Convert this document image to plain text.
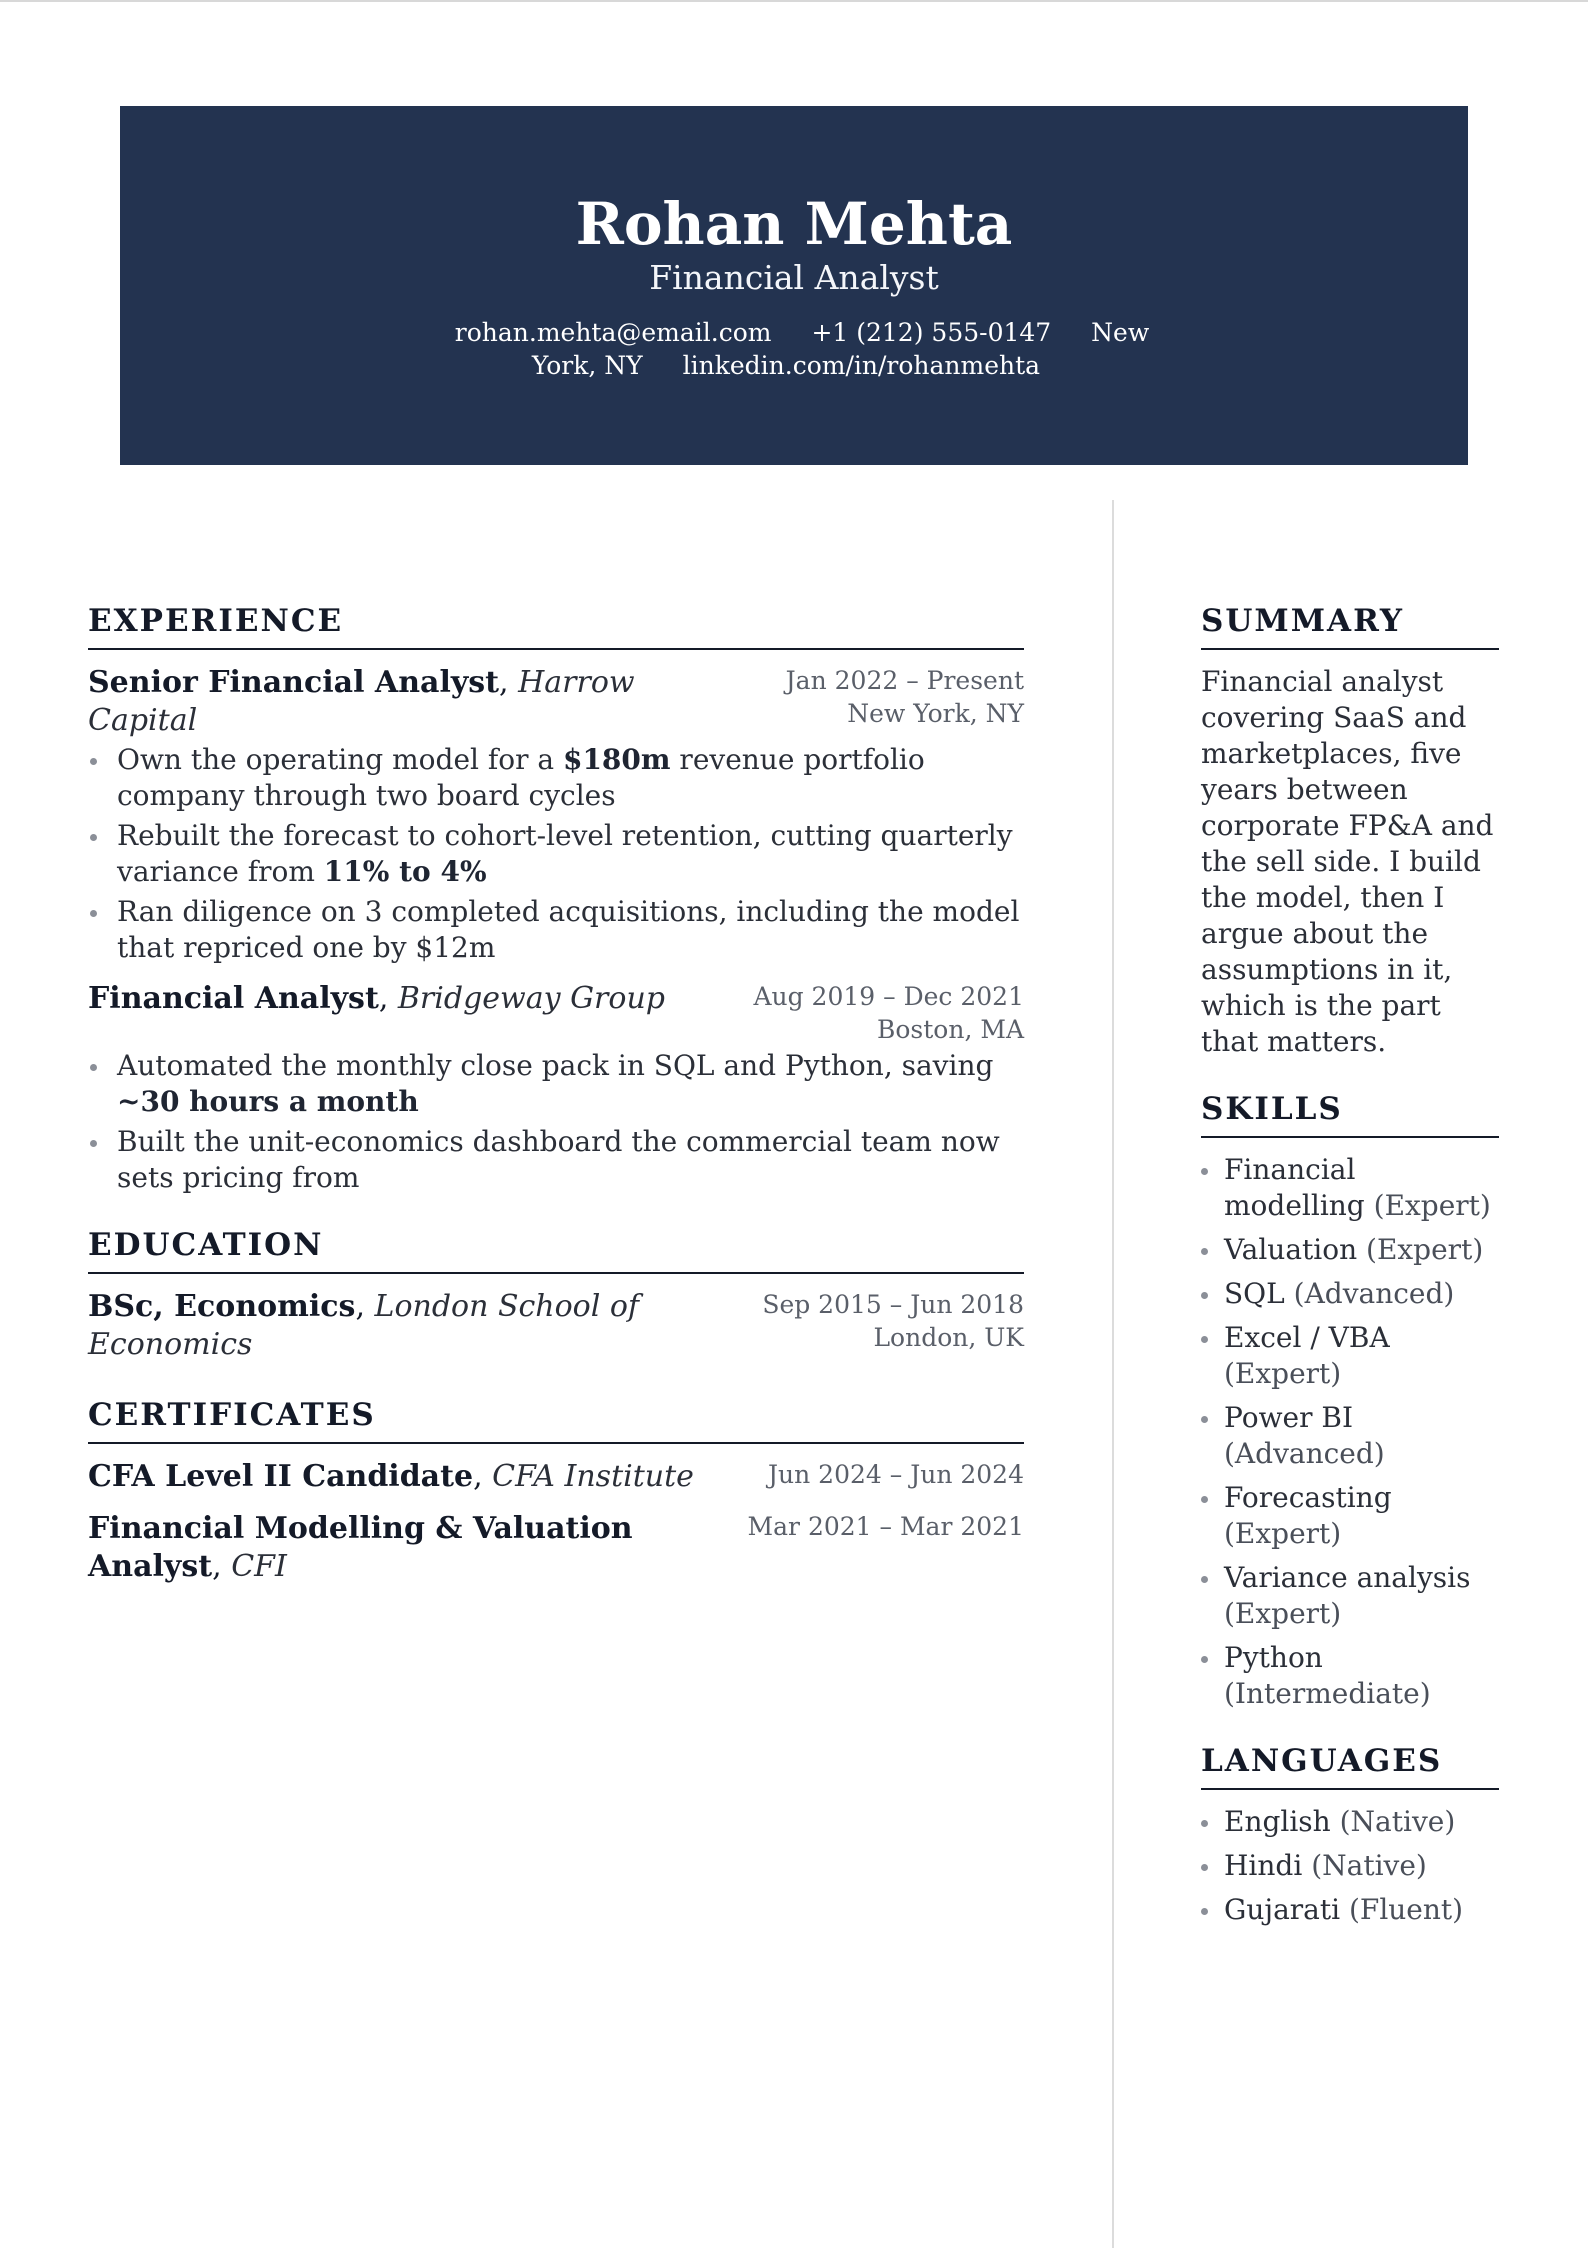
Rohan Mehta
Financial Analyst
rohan.mehta@email.com +1 (212) 555-0147 New York, NY linkedin.com/in/rohanmehta
EXPERIENCE
Senior Financial Analyst, Harrow Capital
Jan 2022 – Present
New York, NY
Own the operating model for a $180m revenue portfolio company through two board cycles
Rebuilt the forecast to cohort-level retention, cutting quarterly variance from 11% to 4%
Ran diligence on 3 completed acquisitions, including the model that repriced one by $12m
Financial Analyst, Bridgeway Group	Aug 2019 – Dec 2021
Boston, MA
Automated the monthly close pack in SQL and Python, saving ~30 hours a month
Built the unit-economics dashboard the commercial team now sets pricing from
EDUCATION
BSc, Economics, London School of Economics
Sep 2015 – Jun 2018
London, UK
CERTIFICATES
CFA Level II Candidate, CFA Institute	Jun 2024 – Jun 2024
Financial Modelling & Valuation Analyst, CFI
Mar 2021 – Mar 2021
SUMMARY
Financial analyst covering SaaS and marketplaces, five years between corporate FP&A and the sell side. I build the model, then I argue about the assumptions in it, which is the part that matters.
SKILLS
Financial modelling (Expert)
Valuation (Expert)
SQL (Advanced)
Excel / VBA (Expert)
Power BI (Advanced)
Forecasting (Expert)
Variance analysis (Expert)
Python (Intermediate)
LANGUAGES
English (Native)
Hindi (Native)
Gujarati (Fluent)
